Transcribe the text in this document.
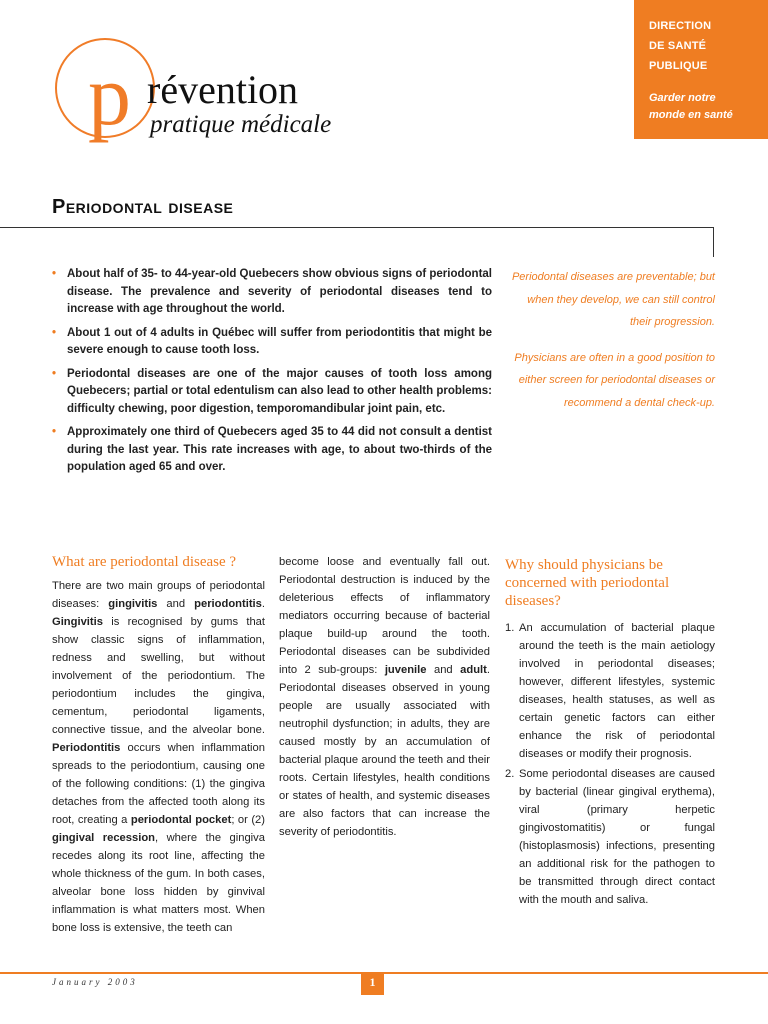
p révention
pratique médicale
DIRECTION
DE SANTÉ
PUBLIQUE
Garder notre
monde en santé
Periodontal disease
• About half of 35- to 44-year-old Quebecers show obvious signs of periodontal disease. The prevalence and severity of periodontal diseases tend to increase with age throughout the world.
• About 1 out of 4 adults in Québec will suffer from periodontitis that might be severe enough to cause tooth loss.
• Periodontal diseases are one of the major causes of tooth loss among Quebecers; partial or total edentulism can also lead to other health problems: difficulty chewing, poor digestion, temporomandibular joint pain, etc.
• Approximately one third of Quebecers aged 35 to 44 did not consult a dentist during the last year. This rate increases with age, to about two-thirds of the population aged 65 and over.

Periodontal diseases are preventable; but when they develop, we can still control their progression.

Physicians are often in a good position to either screen for periodontal diseases or recommend a dental check-up.

What are periodontal disease ?
There are two main groups of periodontal diseases: gingivitis and periodontitis. Gingivitis is recognised by gums that show classic signs of inflammation, redness and swelling, but without involvement of the periodontium. The periodontium includes the gingiva, cementum, periodontal ligaments, connective tissue, and the alveolar bone. Periodontitis occurs when inflammation spreads to the periodontium, causing one of the following conditions: (1) the gingiva detaches from the affected tooth along its root, creating a periodontal pocket; or (2) gingival recession, where the gingiva recedes along its root line, affecting the whole thickness of the gum. In both cases, alveolar bone loss hidden by ginvival inflammation is what matters most. When bone loss is extensive, the teeth can
become loose and eventually fall out. Periodontal destruction is induced by the deleterious effects of inflammatory mediators occurring because of bacterial plaque build-up around the tooth. Periodontal diseases can be subdivided into 2 sub-groups: juvenile and adult. Periodontal diseases observed in young people are usually associated with neutrophil dysfunction; in adults, they are caused mostly by an accumulation of bacterial plaque around the teeth and their roots. Certain lifestyles, health conditions or states of health, and systemic diseases are also factors that can increase the severity of periodontitis.
Why should physicians be concerned with periodontal diseases?
1. An accumulation of bacterial plaque around the teeth is the main aetiology involved in periodontal diseases; however, different lifestyles, systemic diseases, health statuses, as well as certain genetic factors can either enhance the risk of periodontal diseases or modify their prognosis.
2. Some periodontal diseases are caused by bacterial (linear gingival erythema), viral (primary herpetic gingivostomatitis) or fungal (histoplasmosis) infections, presenting an additional risk for the pathogen to be transmitted through direct contact with the mouth and saliva.
January 2003	1
